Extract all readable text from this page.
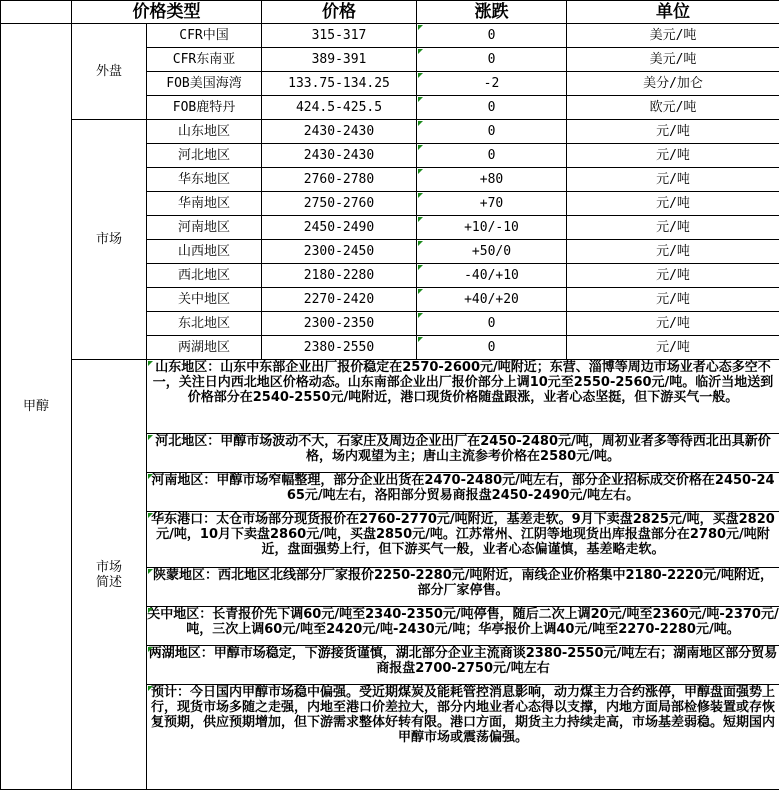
	价格类型		价格	涨跌	单位
甲醇	外盘	CFR中国	315-317	0	美元/吨
		CFR东南亚	389-391	0	美元/吨
		FOB美国海湾	133.75-134.25	-2	美分/加仑
		FOB鹿特丹	424.5-425.5	0	欧元/吨
	市场	山东地区	2430-2430	0	元/吨
		河北地区	2430-2430	0	元/吨
		华东地区	2760-2780	+80	元/吨
		华南地区	2750-2760	+70	元/吨
		河南地区	2450-2490	+10/-10	元/吨
		山西地区	2300-2450	+50/0	元/吨
		西北地区	2180-2280	-40/+10	元/吨
		关中地区	2270-2420	+40/+20	元/吨
		东北地区	2300-2350	0	元/吨
		两湖地区	2380-2550	0	元/吨

	市场
简述	山东地区：山东中东部企业出厂报价稳定在2570-2600元/吨附近；东营、淄博等周边市场业者心态多空不一，关注日内西北地区价格动态。山东南部企业出厂报价部分上调10元至2550-2560元/吨。临沂当地送到价格部分在2540-2550元/吨附近，港口现货价格随盘跟涨，业者心态坚挺，但下游买气一般。			
		河北地区：甲醇市场波动不大，石家庄及周边企业出厂在2450-2480元/吨，周初业者多等待西北出具新价格，场内观望为主；唐山主流参考价格在2580元/吨。			
		河南地区：甲醇市场窄幅整理，部分企业出货在2470-2480元/吨左右，部分企业招标成交价格在2450-2465元/吨左右，洛阳部分贸易商报盘2450-2490元/吨左右。			
		华东港口：太仓市场部分现货报价在2760-2770元/吨附近，基差走软。9月下卖盘2825元/吨，买盘2820元/吨，10月下卖盘2860元/吨，买盘2850元/吨。江苏常州、江阴等地现货出库报盘部分在2780元/吨附近，盘面强势上行，但下游买气一般，业者心态偏谨慎，基差略走软。			
		陕蒙地区：西北地区北线部分厂家报价2250-2280元/吨附近，南线企业价格集中2180-2220元/吨附近，部分厂家停售。			
		关中地区：长青报价先下调60元/吨至2340-2350元/吨停售，随后二次上调20元/吨至2360元/吨-2370元/吨，三次上调60元/吨至2420元/吨-2430元/吨；华亭报价上调40元/吨至2270-2280元/吨。			
		两湖地区：甲醇市场稳定，下游接货谨慎，湖北部分企业主流商谈2380-2550元/吨左右；湖南地区部分贸易商报盘2700-2750元/吨左右			
		预计：今日国内甲醇市场稳中偏强。受近期煤炭及能耗管控消息影响，动力煤主力合约涨停，甲醇盘面强势上行，现货市场多随之走强，内地至港口价差拉大，部分内地业者心态得以支撑，内地方面局部检修装置或存恢复预期，供应预期增加，但下游需求整体好转有限。港口方面，期货主力持续走高，市场基差弱稳。短期国内甲醇市场或震荡偏强。			
